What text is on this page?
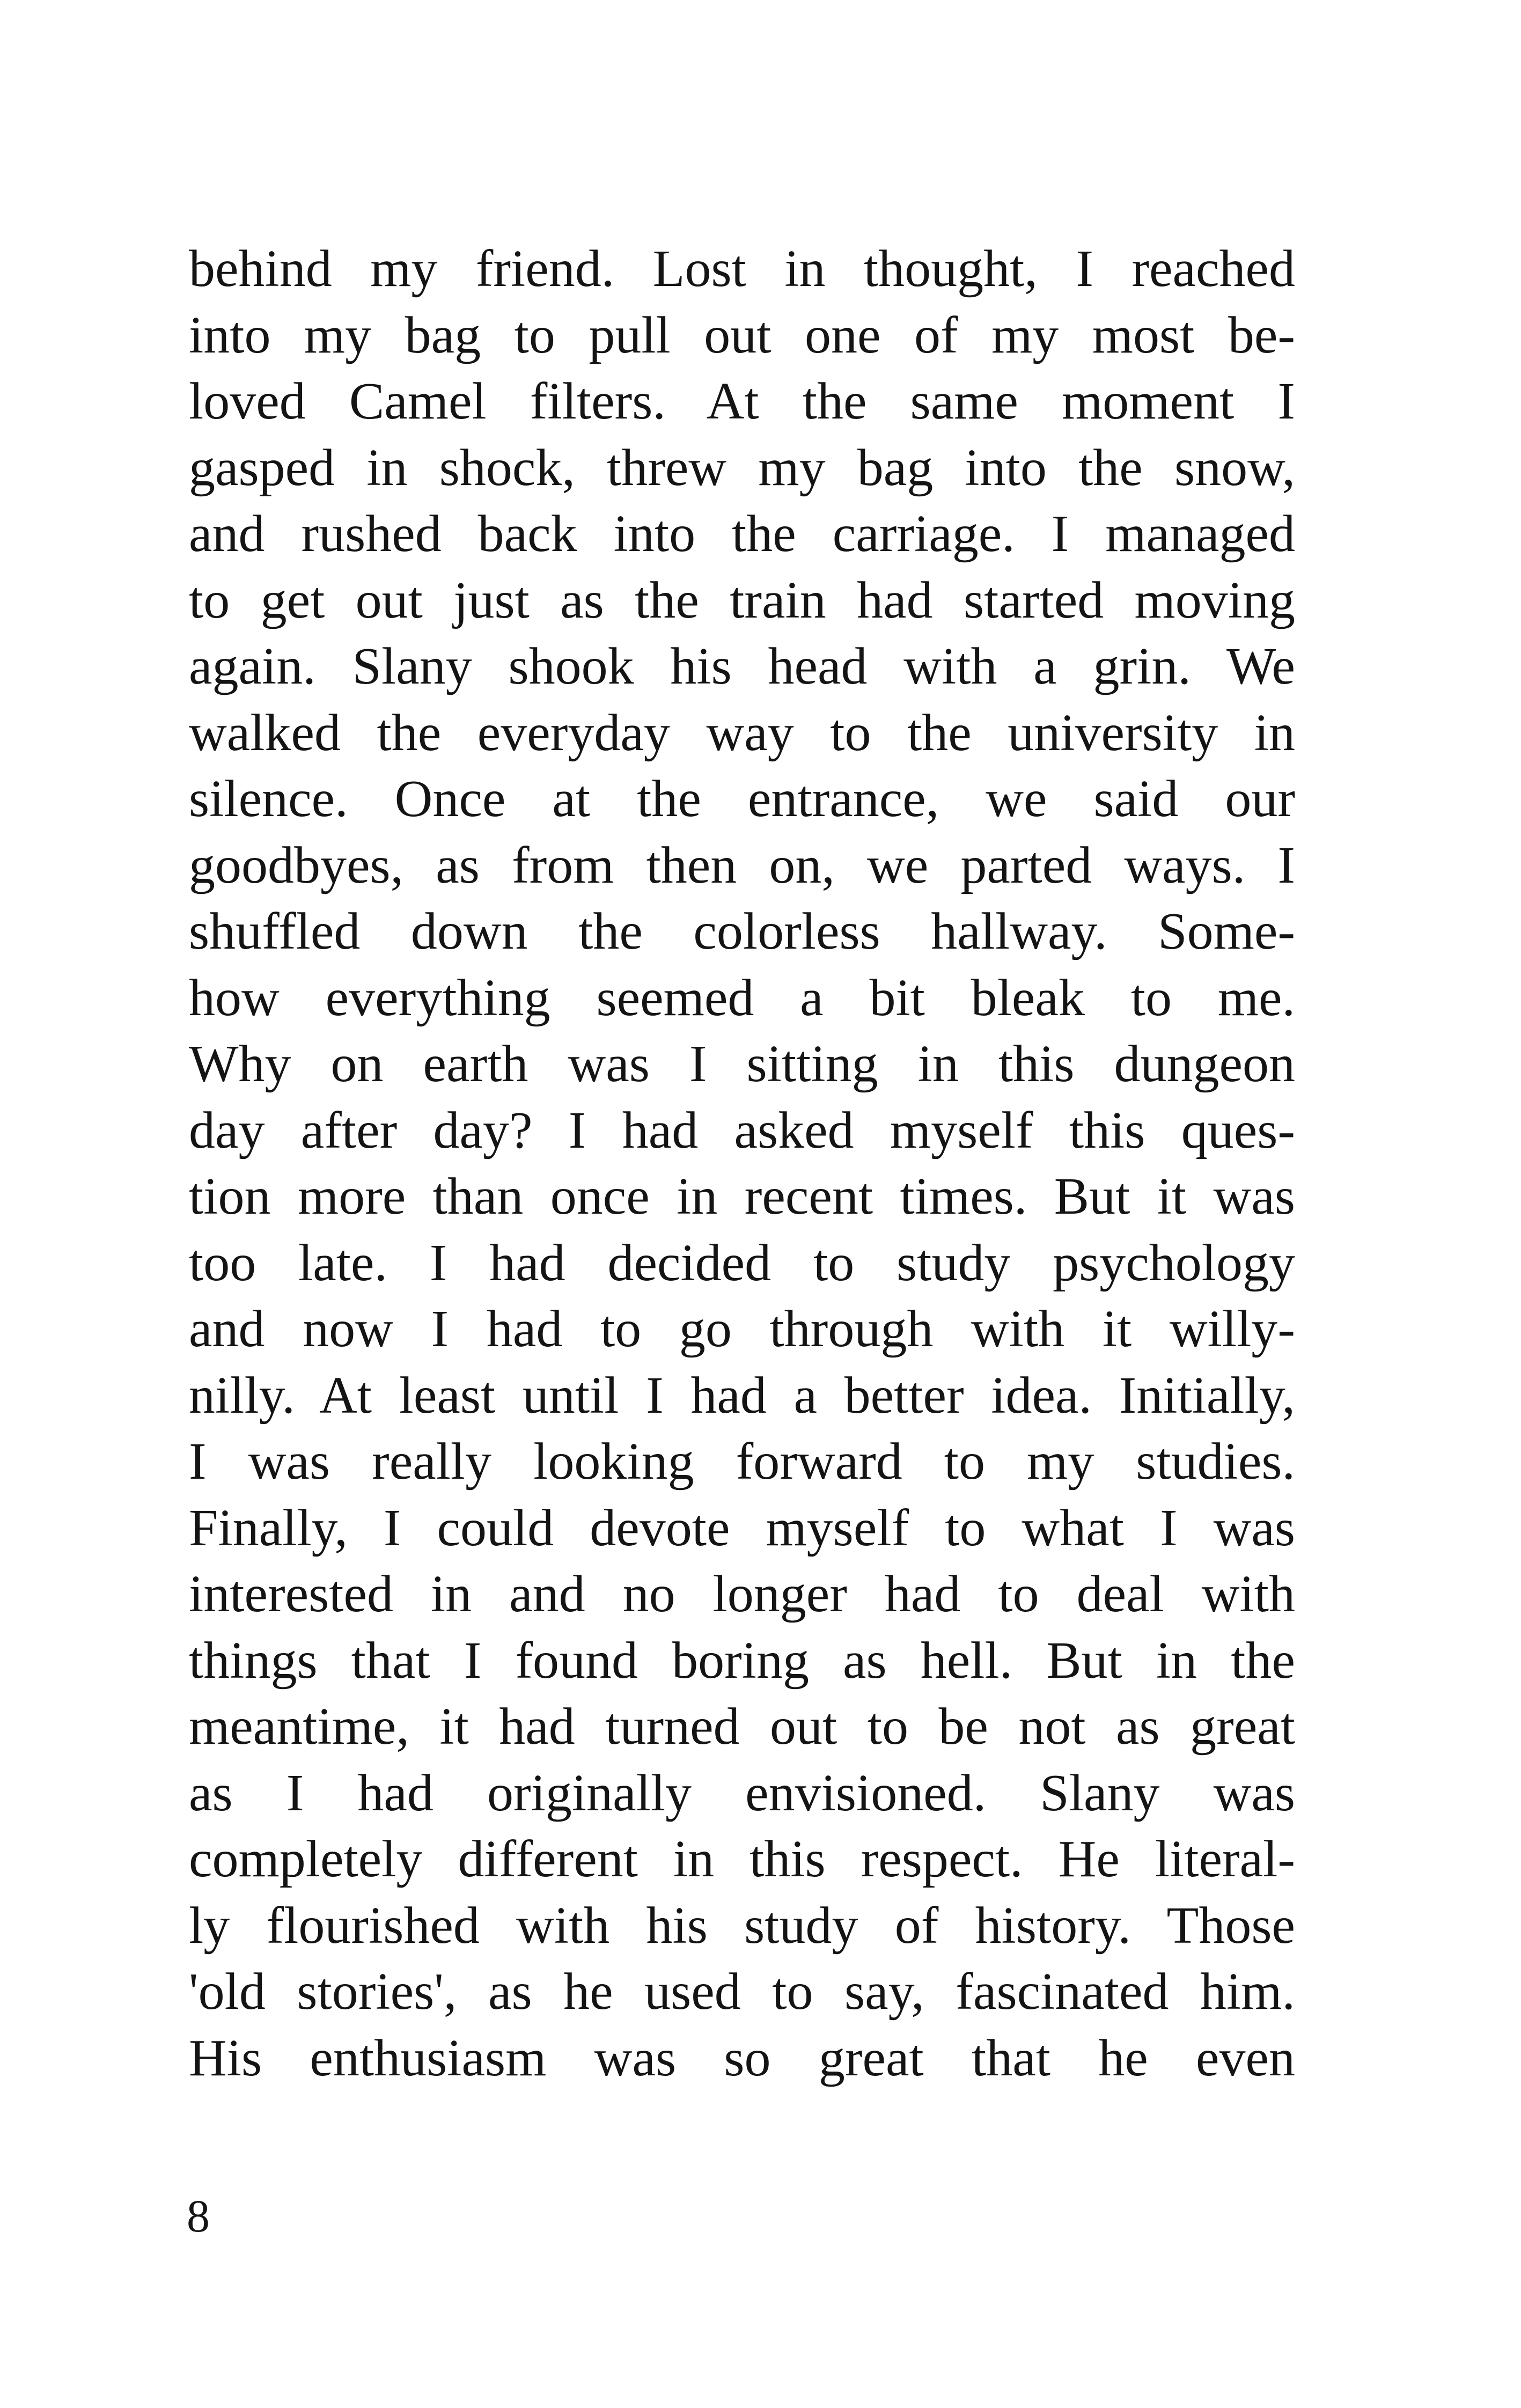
behind my friend. Lost in thought, I reached
into my bag to pull out one of my most be-
loved Camel filters. At the same moment I
gasped in shock, threw my bag into the snow,
and rushed back into the carriage. I managed
to get out just as the train had started moving
again. Slany shook his head with a grin. We
walked the everyday way to the university in
silence. Once at the entrance, we said our
goodbyes, as from then on, we parted ways. I
shuffled down the colorless hallway. Some-
how everything seemed a bit bleak to me.
Why on earth was I sitting in this dungeon
day after day? I had asked myself this ques-
tion more than once in recent times. But it was
too late. I had decided to study psychology
and now I had to go through with it willy-
nilly. At least until I had a better idea. Initially,
I was really looking forward to my studies.
Finally, I could devote myself to what I was
interested in and no longer had to deal with
things that I found boring as hell. But in the
meantime, it had turned out to be not as great
as I had originally envisioned. Slany was
completely different in this respect. He literal-
ly flourished with his study of history. Those
'old stories', as he used to say, fascinated him.
His enthusiasm was so great that he even
8
